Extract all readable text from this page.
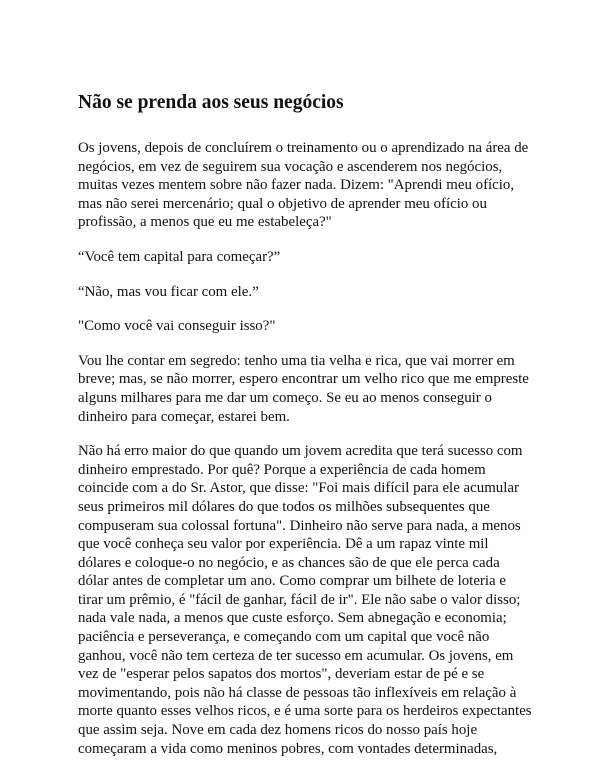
Não se prenda aos seus negócios

Os jovens, depois de concluírem o treinamento ou o aprendizado na área de
negócios, em vez de seguirem sua vocação e ascenderem nos negócios,
muitas vezes mentem sobre não fazer nada. Dizem: "Aprendi meu ofício,
mas não serei mercenário; qual o objetivo de aprender meu ofício ou
profissão, a menos que eu me estabeleça?"

“Você tem capital para começar?”

“Não, mas vou ficar com ele.”

"Como você vai conseguir isso?"

Vou lhe contar em segredo: tenho uma tia velha e rica, que vai morrer em
breve; mas, se não morrer, espero encontrar um velho rico que me empreste
alguns milhares para me dar um começo. Se eu ao menos conseguir o
dinheiro para começar, estarei bem.

Não há erro maior do que quando um jovem acredita que terá sucesso com
dinheiro emprestado. Por quê? Porque a experiência de cada homem
coincide com a do Sr. Astor, que disse: "Foi mais difícil para ele acumular
seus primeiros mil dólares do que todos os milhões subsequentes que
compuseram sua colossal fortuna". Dinheiro não serve para nada, a menos
que você conheça seu valor por experiência. Dê a um rapaz vinte mil
dólares e coloque-o no negócio, e as chances são de que ele perca cada
dólar antes de completar um ano. Como comprar um bilhete de loteria e
tirar um prêmio, é "fácil de ganhar, fácil de ir". Ele não sabe o valor disso;
nada vale nada, a menos que custe esforço. Sem abnegação e economia;
paciência e perseverança, e começando com um capital que você não
ganhou, você não tem certeza de ter sucesso em acumular. Os jovens, em
vez de "esperar pelos sapatos dos mortos", deveriam estar de pé e se
movimentando, pois não há classe de pessoas tão inflexíveis em relação à
morte quanto esses velhos ricos, e é uma sorte para os herdeiros expectantes
que assim seja. Nove em cada dez homens ricos do nosso país hoje
começaram a vida como meninos pobres, com vontades determinadas,
